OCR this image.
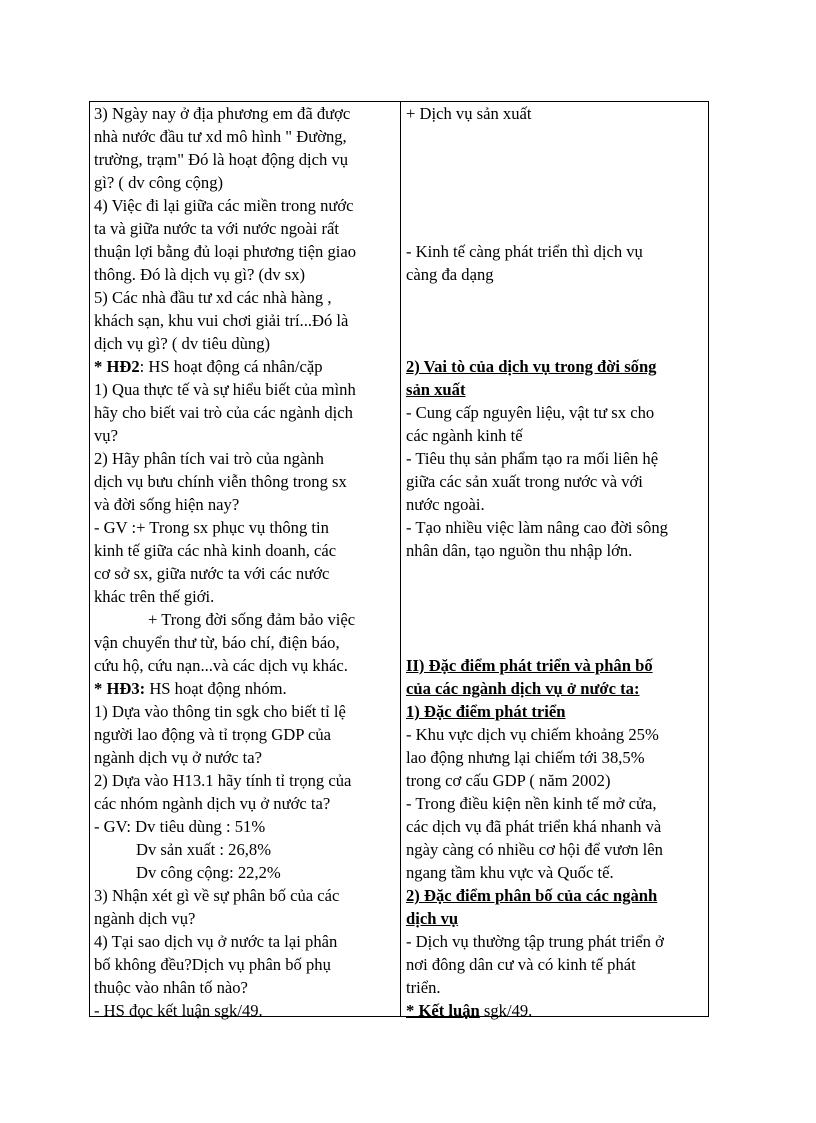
3) Ngày nay ở địa phương em đã được
nhà nước đầu tư xd mô hình " Đường,
trường, trạm" Đó là hoạt động dịch vụ
gì? ( dv công cộng)
4) Việc đi lại giữa các miền trong nước
ta và giữa nước ta với nước ngoài rất
thuận lợi bằng đủ loại phương tiện giao
thông. Đó là dịch vụ gì? (dv sx)
5) Các nhà đầu tư xd các nhà hàng ,
khách sạn, khu vui chơi giải trí...Đó là
dịch vụ gì? ( dv tiêu dùng)
* HĐ2: HS hoạt động cá nhân/cặp
1) Qua thực tế và sự hiểu biết của mình
hãy cho biết vai trò của các ngành dịch
vụ?
2) Hãy phân tích vai trò của ngành
dịch vụ bưu chính viễn thông trong sx
và đời sống hiện nay?
- GV :+ Trong sx phục vụ thông tin
kinh tế giữa các nhà kinh doanh, các
cơ sở sx, giữa nước ta với các nước
khác trên thế giới.
+ Trong đời sống đảm bảo việc
vận chuyển thư từ, báo chí, điện báo,
cứu hộ, cứu nạn...và các dịch vụ khác.
* HĐ3: HS hoạt động nhóm.
1) Dựa vào thông tin sgk cho biết tỉ lệ
người lao động và tỉ trọng GDP của
ngành dịch vụ ở nước ta?
2) Dựa vào H13.1 hãy tính tỉ trọng của
các nhóm ngành dịch vụ ở nước ta?
- GV: Dv tiêu dùng : 51%
Dv sản xuất : 26,8%
Dv công cộng: 22,2%
3) Nhận xét gì về sự phân bố của các
ngành dịch vụ?
4) Tại sao dịch vụ ở nước ta lại phân
bố không đều?Dịch vụ phân bố phụ
thuộc vào nhân tố nào?
- HS đọc kết luận sgk/49.
+ Dịch vụ sản xuất
- Kinh tế càng phát triển thì dịch vụ
càng đa dạng
2) Vai tò của dịch vụ trong đời sống
sản xuất
- Cung cấp nguyên liệu, vật tư sx cho
các ngành kinh tế
- Tiêu thụ sản phẩm tạo ra mối liên hệ
giữa các sản xuất trong nước và với
nước ngoài.
- Tạo nhiều việc làm nâng cao đời sông
nhân dân, tạo nguồn thu nhập lớn.
II) Đặc điểm phát triển và phân bố
của các ngành dịch vụ ở nước ta:
1) Đặc điểm phát triển
- Khu vực dịch vụ chiếm khoảng 25%
lao động nhưng lại chiếm tới 38,5%
trong cơ cấu GDP ( năm 2002)
- Trong điều kiện nền kinh tế mở cửa,
các dịch vụ đã phát triển khá nhanh và
ngày càng có nhiều cơ hội để vươn lên
ngang tầm khu vực và Quốc tế.
2) Đặc điểm phân bố của các ngành
dịch vụ
- Dịch vụ thường tập trung phát triển ở
nơi đông dân cư và có kinh tế phát
triển.
* Kết luận sgk/49.
